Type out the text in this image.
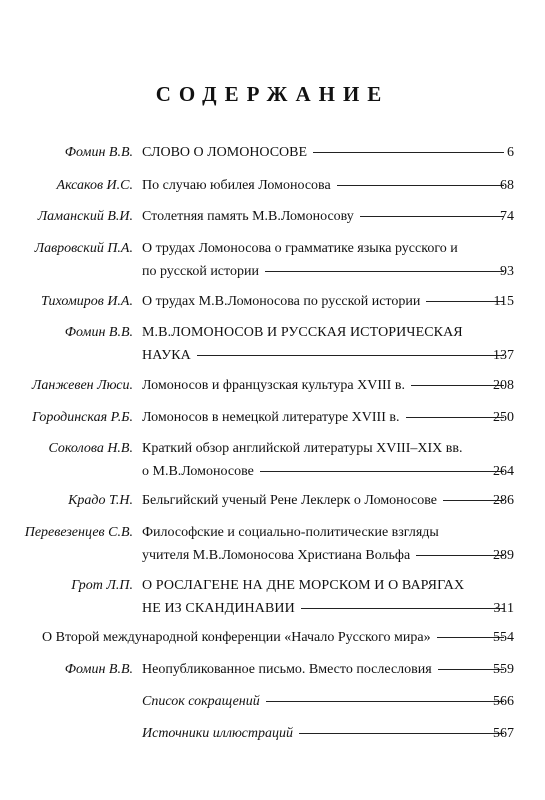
СОДЕРЖАНИЕ
Фомин В.В. СЛОВО О ЛОМОНОСОВЕ	6
Аксаков И.С. По случаю юбилея Ломоносова	68
Ламанский В.И. Столетняя память М.В.Ломоносову	74
Лавровский П.А. О трудах Ломоносова о грамматике языка русского и
по русской истории	93
Тихомиров И.А. О трудах М.В.Ломоносова по русской истории	115
Фомин В.В. М.В.ЛОМОНОСОВ И РУССКАЯ ИСТОРИЧЕСКАЯ
НАУКА	137
Ланжевен Люси. Ломоносов и французская культура XVIII в.	208
Городинская Р.Б. Ломоносов в немецкой литературе XVIII в.	250
Соколова Н.В. Краткий обзор английской литературы XVIII–XIX вв.
о М.В.Ломоносове	264
Крадо Т.Н. Бельгийский ученый Рене Леклерк о Ломоносове	286
Перевезенцев С.В. Философские и социально-политические взгляды
учителя М.В.Ломоносова Христиана Вольфа	289
Грот Л.П. О РОСЛАГЕНЕ НА ДНЕ МОРСКОМ И О ВАРЯГАХ
НЕ ИЗ СКАНДИНАВИИ	311
О Второй международной конференции «Начало Русского мира»	554
Фомин В.В. Неопубликованное письмо. Вместо послесловия	559
Список сокращений	566
Источники иллюстраций	567
